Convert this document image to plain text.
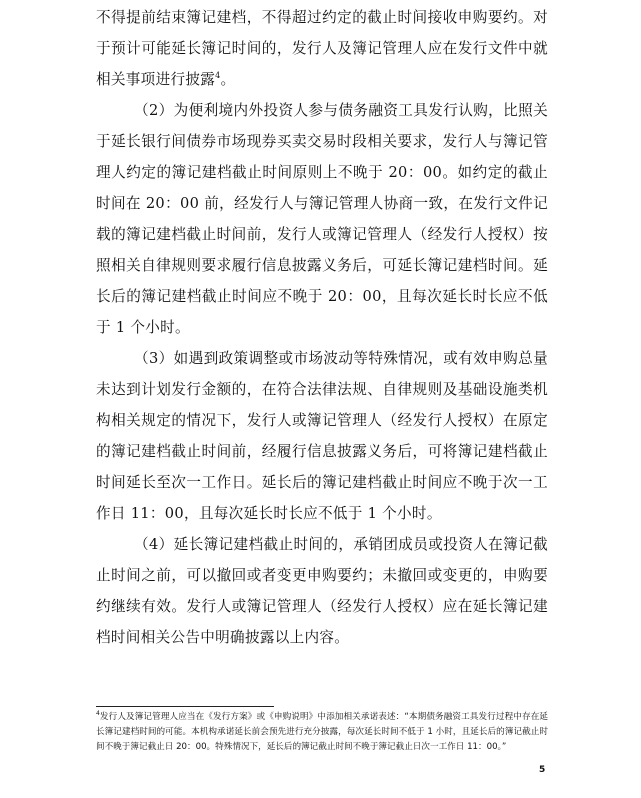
不得提前结束簿记建档，不得超过约定的截止时间接收申购要约。对于预计可能延长簿记时间的，发行人及簿记管理人应在发行文件中就相关事项进行披露$^4$。

（2）为便利境内外投资人参与债务融资工具发行认购，比照关于延长银行间债券市场现券买卖交易时段相关要求，发行人与簿记管理人约定的簿记建档截止时间原则上不晚于 20：00。如约定的截止时间在 20：00 前，经发行人与簿记管理人协商一致，在发行文件记载的簿记建档截止时间前，发行人或簿记管理人（经发行人授权）按照相关自律规则要求履行信息披露义务后，可延长簿记建档时间。延长后的簿记建档截止时间应不晚于 20：00，且每次延长时长应不低于 1 个小时。

（3）如遇到政策调整或市场波动等特殊情况，或有效申购总量未达到计划发行金额的，在符合法律法规、自律规则及基础设施类机构相关规定的情况下，发行人或簿记管理人（经发行人授权）在原定的簿记建档截止时间前，经履行信息披露义务后，可将簿记建档截止时间延长至次一工作日。延长后的簿记建档截止时间应不晚于次一工作日 11：00，且每次延长时长应不低于 1 个小时。

（4）延长簿记建档截止时间的，承销团成员或投资人在簿记截止时间之前，可以撤回或者变更申购要约；未撤回或变更的，申购要约继续有效。发行人或簿记管理人（经发行人授权）应在延长簿记建档时间相关公告中明确披露以上内容。

$^4$发行人及簿记管理人应当在《发行方案》或《申购说明》中添加相关承诺表述：“本期债务融资工具发行过程中存在延长簿记建档时间的可能。本机构承诺延长前会预先进行充分披露，每次延长时间不低于 1 小时，且延长后的簿记截止时间不晚于簿记截止日 20：00。特殊情况下，延长后的簿记截止时间不晚于簿记截止日次一工作日 11：00。”

5
